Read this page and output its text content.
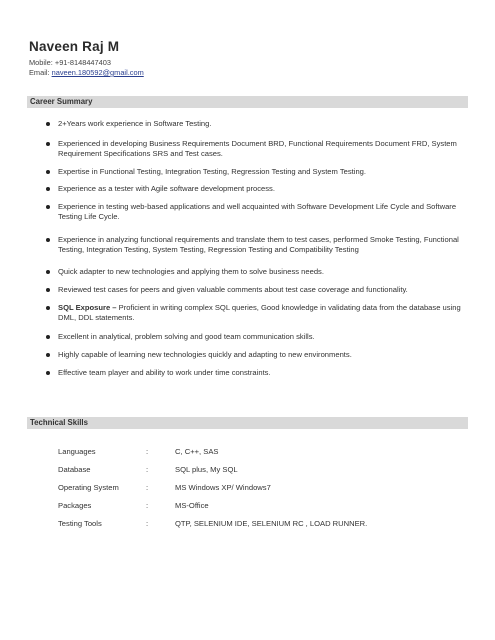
Naveen Raj M
Mobile: +91-8148447403
Email: naveen.180592@gmail.com
Career Summary
2+Years work experience in Software Testing.
Experienced in developing Business Requirements Document BRD, Functional Requirements Document FRD, System Requirement Specifications SRS and Test cases.
Expertise in Functional Testing, Integration Testing, Regression Testing and System Testing.
Experience as a tester with Agile software development process.
Experience in testing web-based applications and well acquainted with Software Development Life Cycle and Software Testing Life Cycle.
Experience in analyzing functional requirements and translate them to test cases, performed Smoke Testing, Functional Testing, Integration Testing, System Testing, Regression Testing and Compatibility Testing
Quick adapter to new technologies and applying them to solve business needs.
Reviewed test cases for peers and given valuable comments about test case coverage and functionality.
SQL Exposure – Proficient in writing complex SQL queries, Good knowledge in validating data from the database using DML, DDL statements.
Excellent in analytical, problem solving and good team communication skills.
Highly capable of learning new technologies quickly and adapting to new environments.
Effective team player and ability to work under time constraints.
Technical Skills
Languages	:	C, C++, SAS
Database	:	SQL plus, My SQL
Operating System	:	MS Windows XP/ Windows7
Packages	:	MS-Office
Testing Tools	:	QTP, SELENIUM IDE, SELENIUM RC , LOAD RUNNER.
